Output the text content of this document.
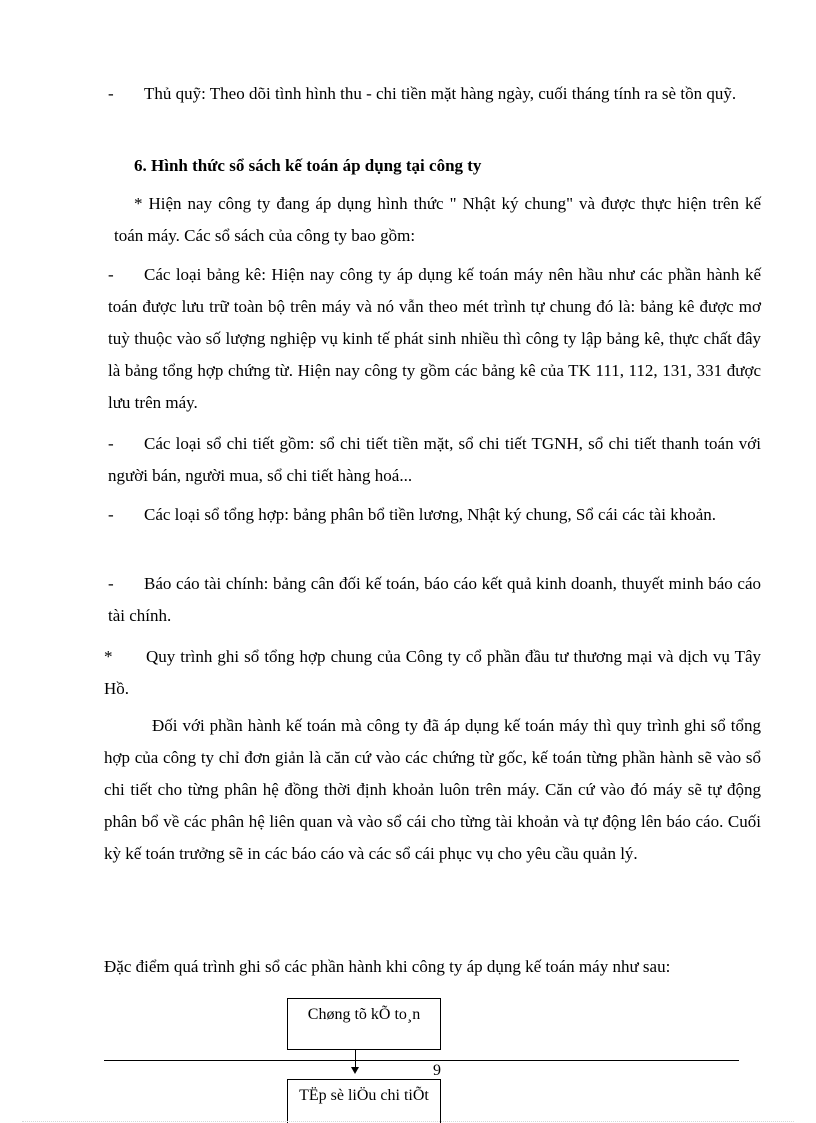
- Thủ quỹ: Theo dõi tình hình thu - chi tiền mặt hàng ngày, cuối tháng tính ra sè tồn quỹ.
6. Hình thức sổ sách kế toán áp dụng tại công ty
* Hiện nay công ty đang áp dụng hình thức " Nhật ký chung" và được thực hiện trên kế toán máy. Các sổ sách của công ty bao gồm:
- Các loại bảng kê: Hiện nay công ty áp dụng kế toán máy nên hầu như các phần hành kế toán được lưu trữ toàn bộ trên máy và nó vẫn theo mét trình tự chung đó là: bảng kê được mơ tuỳ thuộc vào số lượng nghiệp vụ kinh tế phát sinh nhiều thì công ty lập bảng kê, thực chất đây là bảng tổng hợp chứng từ. Hiện nay công ty gồm các bảng kê của TK 111, 112, 131, 331 được lưu trên máy.
- Các loại sổ chi tiết gồm: sổ chi tiết tiền mặt, sổ chi tiết TGNH, sổ chi tiết thanh toán với người bán, người mua, sổ chi tiết hàng hoá...
- Các loại sổ tổng hợp: bảng phân bổ tiền lương, Nhật ký chung, Sổ cái các tài khoản.
- Báo cáo tài chính: bảng cân đối kế toán, báo cáo kết quả kinh doanh, thuyết minh báo cáo tài chính.
* Quy trình ghi sổ tổng hợp chung của Công ty cổ phần đầu tư thương mại và dịch vụ Tây Hồ.
Đối với phần hành kế toán mà công ty đã áp dụng kế toán máy thì quy trình ghi sổ tổng hợp của công ty chỉ đơn giản là căn cứ vào các chứng từ gốc, kế toán từng phần hành sẽ vào sổ chi tiết cho từng phân hệ đồng thời định khoản luôn trên máy. Căn cứ vào đó máy sẽ tự động phân bổ về các phân hệ liên quan và vào sổ cái cho từng tài khoản và tự động lên báo cáo. Cuối kỳ kế toán trưởng sẽ in các báo cáo và các sổ cái phục vụ cho yêu cầu quản lý.
Đặc điểm quá trình ghi sổ các phần hành khi công ty áp dụng kế toán máy như sau:
Chøng tõ kÕ to¸n
9
TËp sè liÖu chi tiÕt
